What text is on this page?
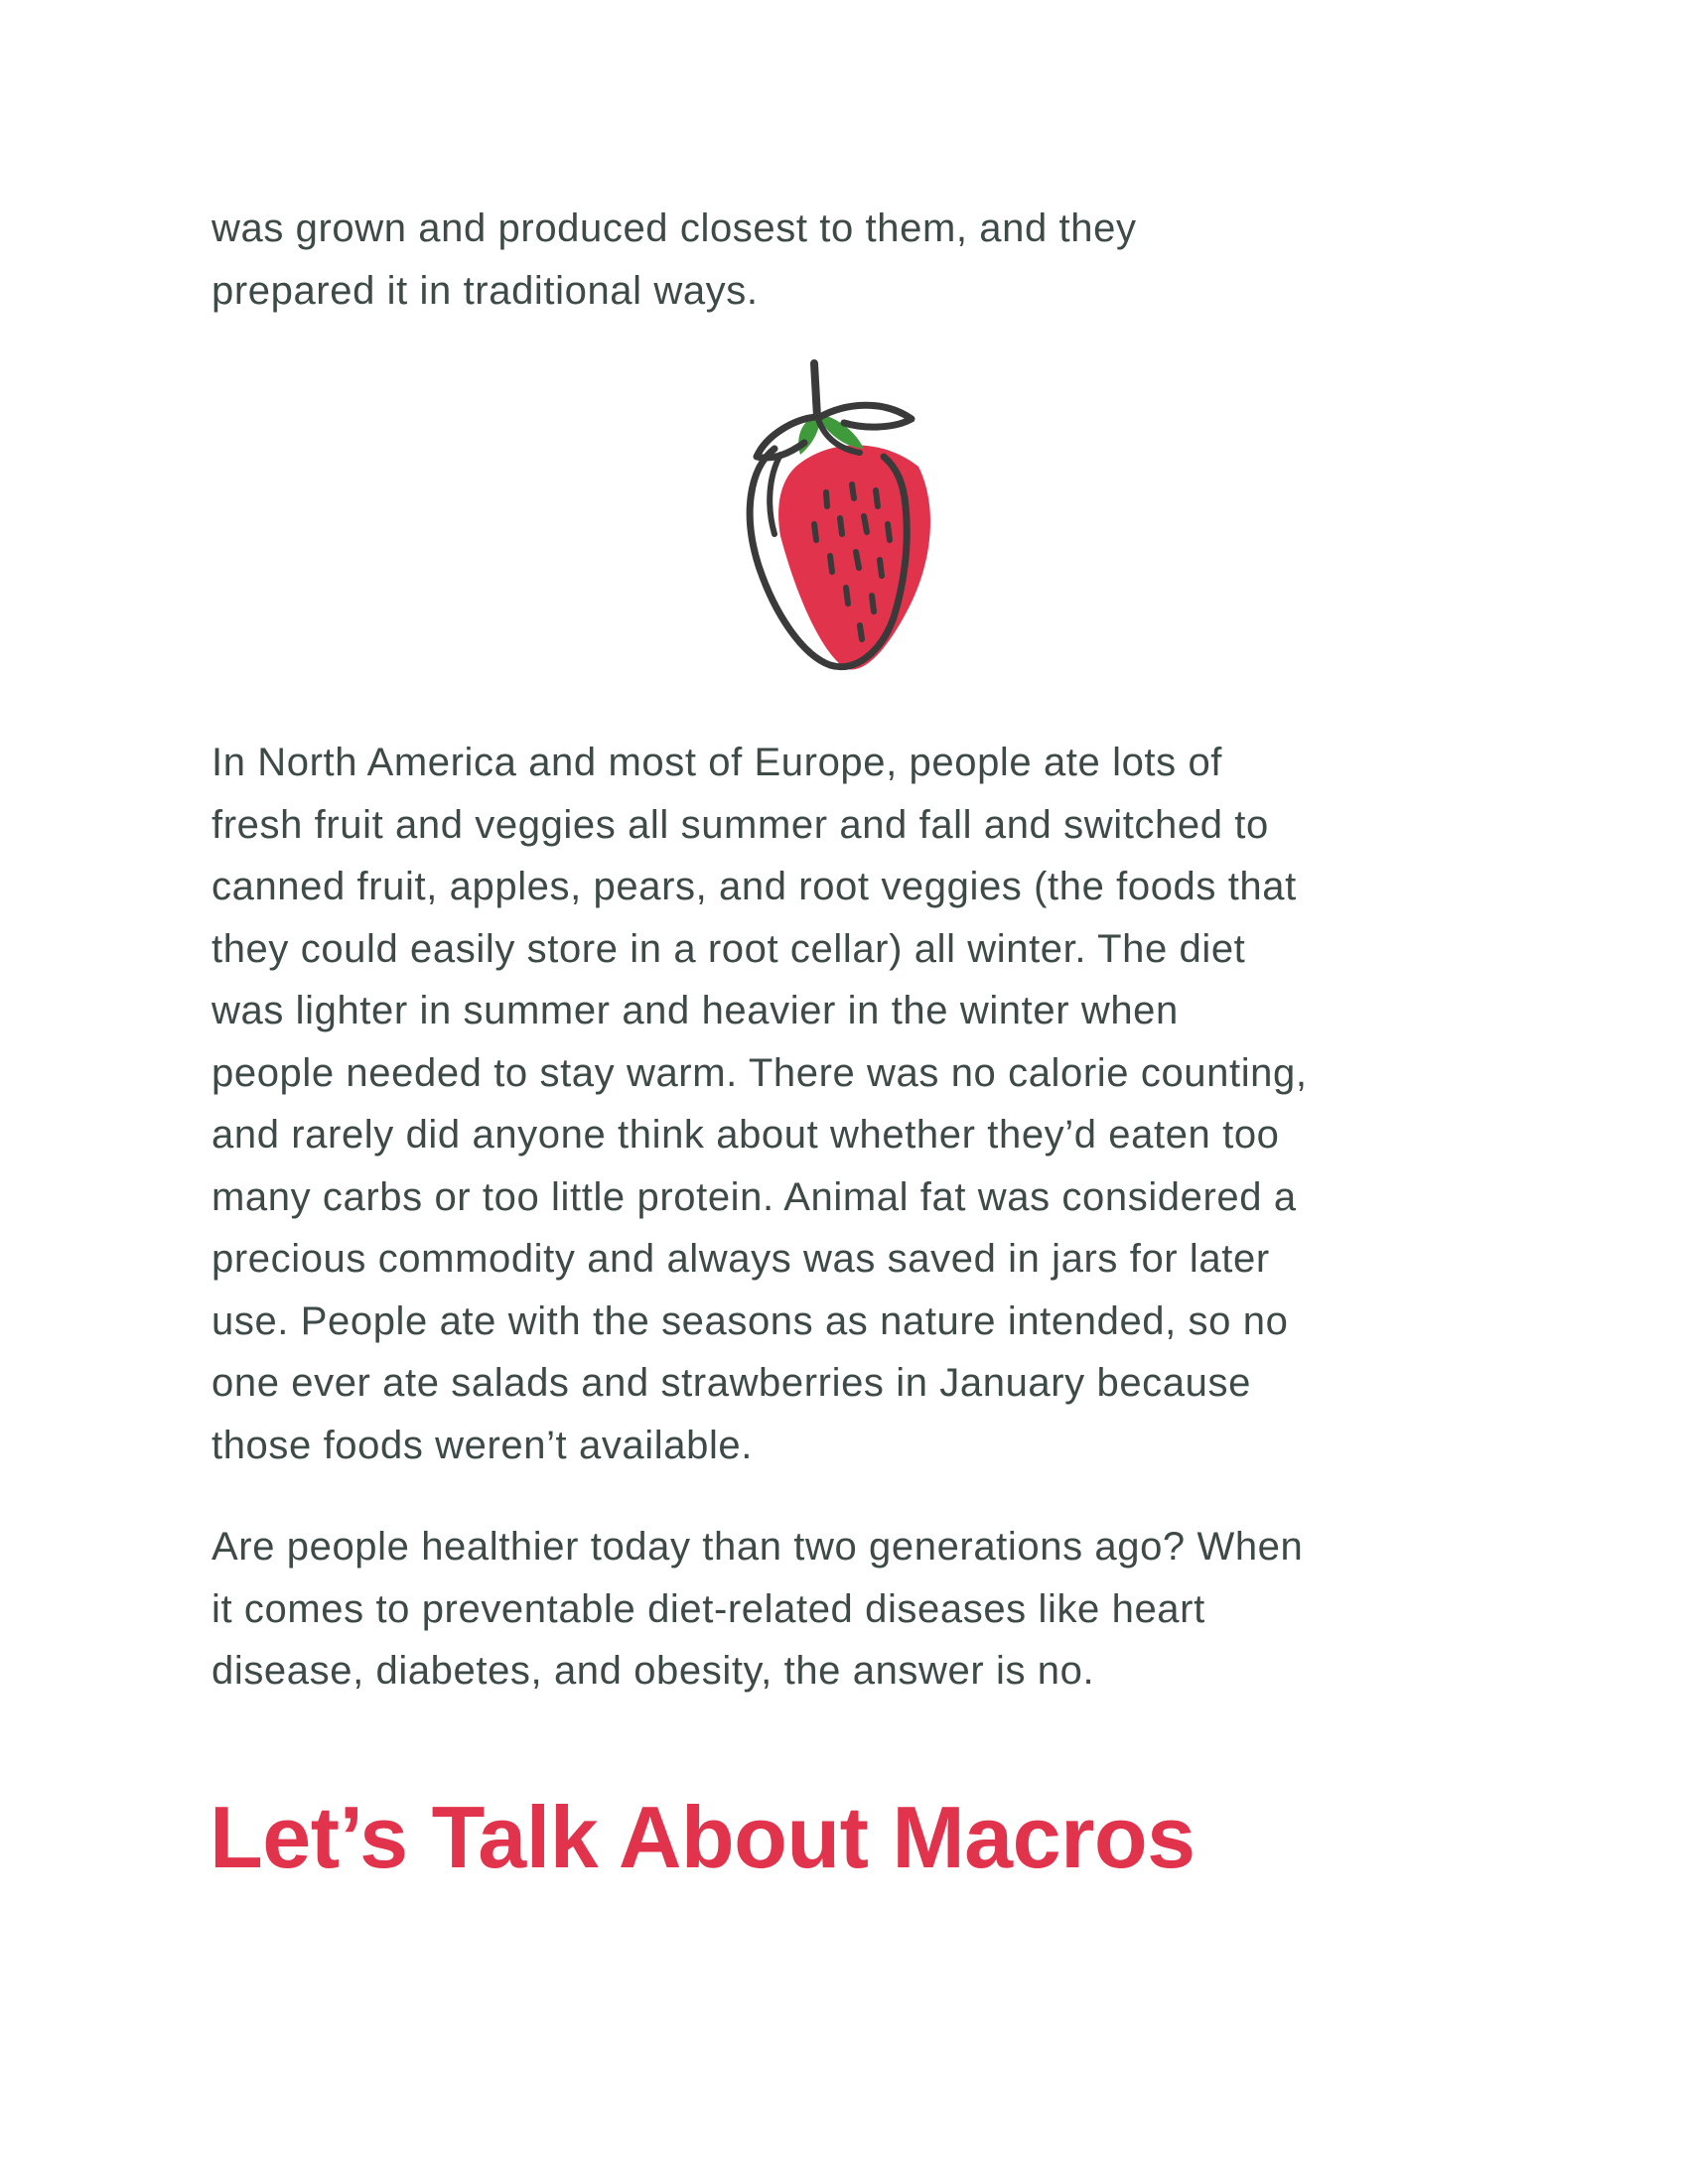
was grown and produced closest to them, and they
prepared it in traditional ways.

In North America and most of Europe, people ate lots of
fresh fruit and veggies all summer and fall and switched to
canned fruit, apples, pears, and root veggies (the foods that
they could easily store in a root cellar) all winter. The diet
was lighter in summer and heavier in the winter when
people needed to stay warm. There was no calorie counting,
and rarely did anyone think about whether they’d eaten too
many carbs or too little protein. Animal fat was considered a
precious commodity and always was saved in jars for later
use. People ate with the seasons as nature intended, so no
one ever ate salads and strawberries in January because
those foods weren’t available.

Are people healthier today than two generations ago? When
it comes to preventable diet-related diseases like heart
disease, diabetes, and obesity, the answer is no.

Let’s Talk About Macros
